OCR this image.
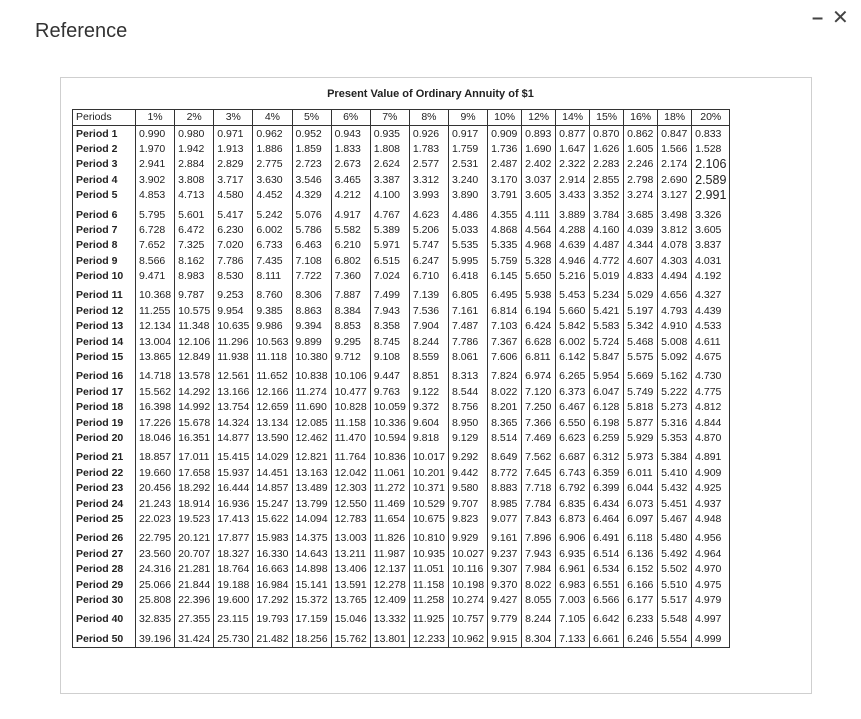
Reference
– ✕
Present Value of Ordinary Annuity of $1
Periods	1%	2%	3%	4%	5%	6%	7%	8%	9%	10%	12%	14%	15%	16%	18%	20%
Period 1	0.990	0.980	0.971	0.962	0.952	0.943	0.935	0.926	0.917	0.909	0.893	0.877	0.870	0.862	0.847	0.833
Period 2	1.970	1.942	1.913	1.886	1.859	1.833	1.808	1.783	1.759	1.736	1.690	1.647	1.626	1.605	1.566	1.528
Period 3	2.941	2.884	2.829	2.775	2.723	2.673	2.624	2.577	2.531	2.487	2.402	2.322	2.283	2.246	2.174	2.106
Period 4	3.902	3.808	3.717	3.630	3.546	3.465	3.387	3.312	3.240	3.170	3.037	2.914	2.855	2.798	2.690	2.589
Period 5	4.853	4.713	4.580	4.452	4.329	4.212	4.100	3.993	3.890	3.791	3.605	3.433	3.352	3.274	3.127	2.991

Period 6	5.795	5.601	5.417	5.242	5.076	4.917	4.767	4.623	4.486	4.355	4.111	3.889	3.784	3.685	3.498	3.326
Period 7	6.728	6.472	6.230	6.002	5.786	5.582	5.389	5.206	5.033	4.868	4.564	4.288	4.160	4.039	3.812	3.605
Period 8	7.652	7.325	7.020	6.733	6.463	6.210	5.971	5.747	5.535	5.335	4.968	4.639	4.487	4.344	4.078	3.837
Period 9	8.566	8.162	7.786	7.435	7.108	6.802	6.515	6.247	5.995	5.759	5.328	4.946	4.772	4.607	4.303	4.031
Period 10	9.471	8.983	8.530	8.111	7.722	7.360	7.024	6.710	6.418	6.145	5.650	5.216	5.019	4.833	4.494	4.192

Period 11	10.368	9.787	9.253	8.760	8.306	7.887	7.499	7.139	6.805	6.495	5.938	5.453	5.234	5.029	4.656	4.327
Period 12	11.255	10.575	9.954	9.385	8.863	8.384	7.943	7.536	7.161	6.814	6.194	5.660	5.421	5.197	4.793	4.439
Period 13	12.134	11.348	10.635	9.986	9.394	8.853	8.358	7.904	7.487	7.103	6.424	5.842	5.583	5.342	4.910	4.533
Period 14	13.004	12.106	11.296	10.563	9.899	9.295	8.745	8.244	7.786	7.367	6.628	6.002	5.724	5.468	5.008	4.611
Period 15	13.865	12.849	11.938	11.118	10.380	9.712	9.108	8.559	8.061	7.606	6.811	6.142	5.847	5.575	5.092	4.675

Period 16	14.718	13.578	12.561	11.652	10.838	10.106	9.447	8.851	8.313	7.824	6.974	6.265	5.954	5.669	5.162	4.730
Period 17	15.562	14.292	13.166	12.166	11.274	10.477	9.763	9.122	8.544	8.022	7.120	6.373	6.047	5.749	5.222	4.775
Period 18	16.398	14.992	13.754	12.659	11.690	10.828	10.059	9.372	8.756	8.201	7.250	6.467	6.128	5.818	5.273	4.812
Period 19	17.226	15.678	14.324	13.134	12.085	11.158	10.336	9.604	8.950	8.365	7.366	6.550	6.198	5.877	5.316	4.844
Period 20	18.046	16.351	14.877	13.590	12.462	11.470	10.594	9.818	9.129	8.514	7.469	6.623	6.259	5.929	5.353	4.870

Period 21	18.857	17.011	15.415	14.029	12.821	11.764	10.836	10.017	9.292	8.649	7.562	6.687	6.312	5.973	5.384	4.891
Period 22	19.660	17.658	15.937	14.451	13.163	12.042	11.061	10.201	9.442	8.772	7.645	6.743	6.359	6.011	5.410	4.909
Period 23	20.456	18.292	16.444	14.857	13.489	12.303	11.272	10.371	9.580	8.883	7.718	6.792	6.399	6.044	5.432	4.925
Period 24	21.243	18.914	16.936	15.247	13.799	12.550	11.469	10.529	9.707	8.985	7.784	6.835	6.434	6.073	5.451	4.937
Period 25	22.023	19.523	17.413	15.622	14.094	12.783	11.654	10.675	9.823	9.077	7.843	6.873	6.464	6.097	5.467	4.948

Period 26	22.795	20.121	17.877	15.983	14.375	13.003	11.826	10.810	9.929	9.161	7.896	6.906	6.491	6.118	5.480	4.956
Period 27	23.560	20.707	18.327	16.330	14.643	13.211	11.987	10.935	10.027	9.237	7.943	6.935	6.514	6.136	5.492	4.964
Period 28	24.316	21.281	18.764	16.663	14.898	13.406	12.137	11.051	10.116	9.307	7.984	6.961	6.534	6.152	5.502	4.970
Period 29	25.066	21.844	19.188	16.984	15.141	13.591	12.278	11.158	10.198	9.370	8.022	6.983	6.551	6.166	5.510	4.975
Period 30	25.808	22.396	19.600	17.292	15.372	13.765	12.409	11.258	10.274	9.427	8.055	7.003	6.566	6.177	5.517	4.979

Period 40	32.835	27.355	23.115	19.793	17.159	15.046	13.332	11.925	10.757	9.779	8.244	7.105	6.642	6.233	5.548	4.997

Period 50	39.196	31.424	25.730	21.482	18.256	15.762	13.801	12.233	10.962	9.915	8.304	7.133	6.661	6.246	5.554	4.999
